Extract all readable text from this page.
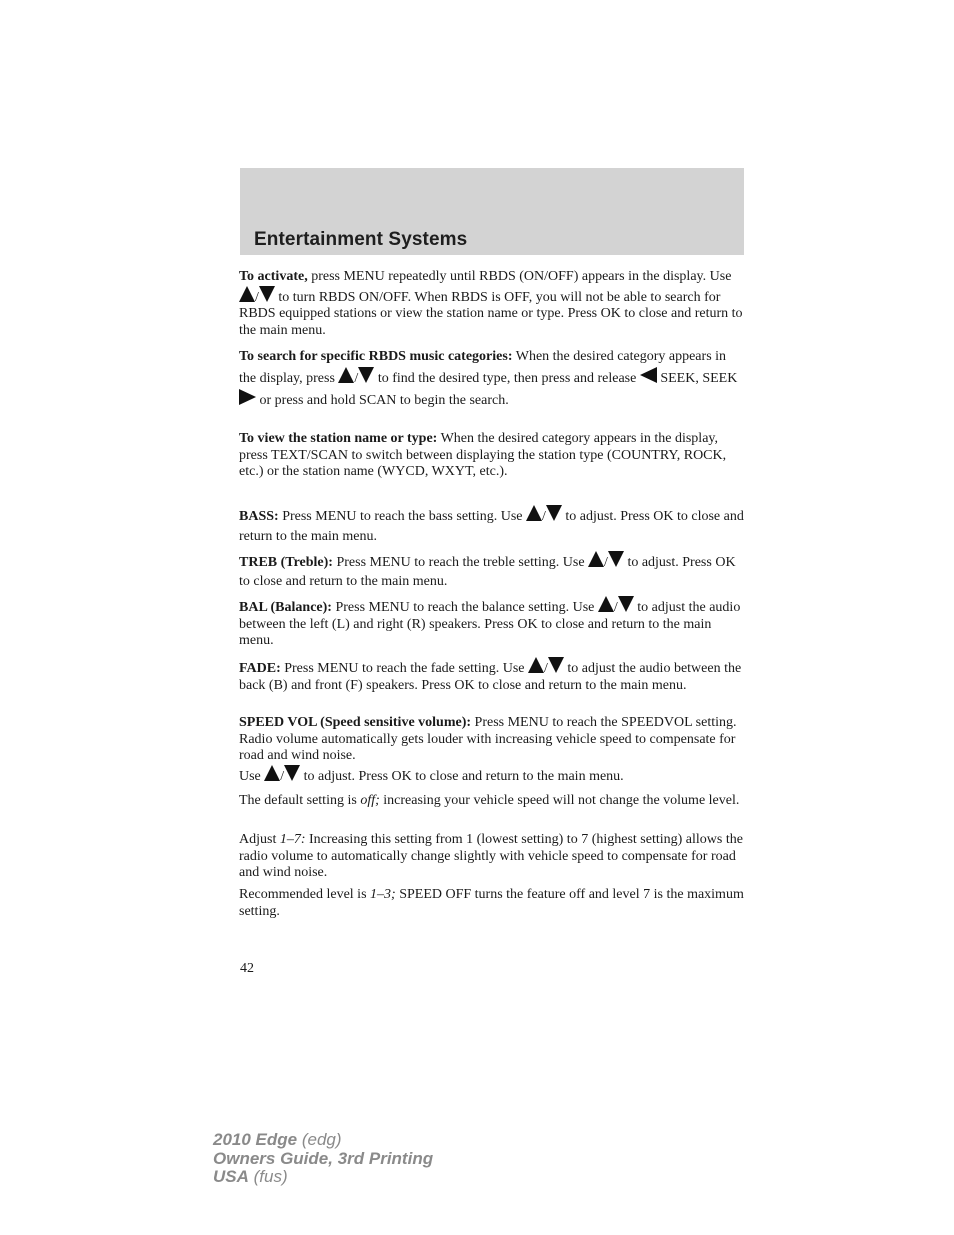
Entertainment Systems

To activate, press MENU repeatedly until RBDS (ON/OFF) appears in the display. Use / to turn RBDS ON/OFF. When RBDS is OFF, you will not be able to search for RBDS equipped stations or view the station name or type. Press OK to close and return to the main menu.

To search for specific RBDS music categories: When the desired category appears in the display, press / to find the desired type, then press and release  SEEK, SEEK  or press and hold SCAN to begin the search.

To view the station name or type: When the desired category appears in the display, press TEXT/SCAN to switch between displaying the station type (COUNTRY, ROCK, etc.) or the station name (WYCD, WXYT, etc.).

BASS: Press MENU to reach the bass setting. Use / to adjust. Press OK to close and return to the main menu.

TREB (Treble): Press MENU to reach the treble setting. Use / to adjust. Press OK to close and return to the main menu.

BAL (Balance): Press MENU to reach the balance setting. Use / to adjust the audio between the left (L) and right (R) speakers. Press OK to close and return to the main menu.

FADE: Press MENU to reach the fade setting. Use / to adjust the audio between the back (B) and front (F) speakers. Press OK to close and return to the main menu.

SPEED VOL (Speed sensitive volume): Press MENU to reach the SPEEDVOL setting. Radio volume automatically gets louder with increasing vehicle speed to compensate for road and wind noise.
Use / to adjust. Press OK to close and return to the main menu.

The default setting is off; increasing your vehicle speed will not change the volume level.

Adjust 1–7: Increasing this setting from 1 (lowest setting) to 7 (highest setting) allows the radio volume to automatically change slightly with vehicle speed to compensate for road and wind noise.

Recommended level is 1–3; SPEED OFF turns the feature off and level 7 is the maximum setting.

42
2010 Edge (edg)
Owners Guide, 3rd Printing
USA (fus)
